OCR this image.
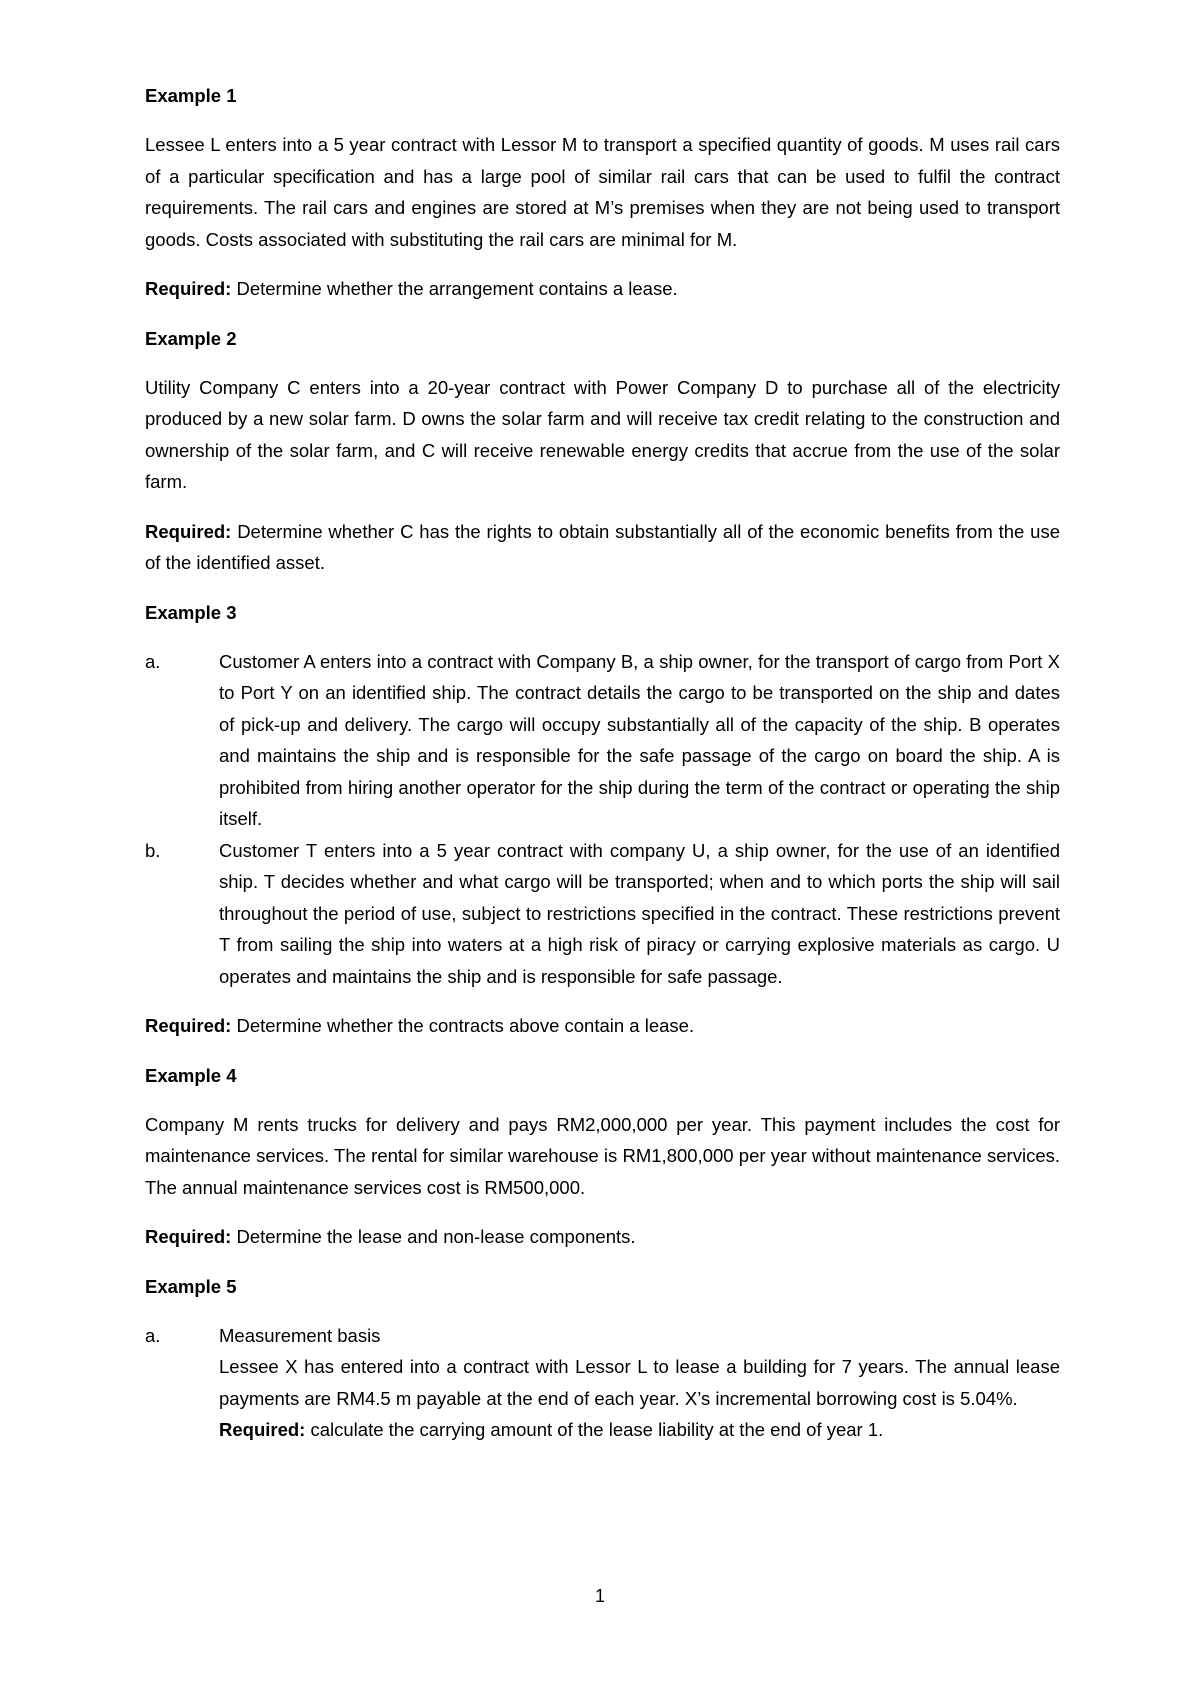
Example 1
Lessee L enters into a 5 year contract with Lessor M to transport a specified quantity of goods. M uses rail cars of a particular specification and has a large pool of similar rail cars that can be used to fulfil the contract requirements. The rail cars and engines are stored at M’s premises when they are not being used to transport goods. Costs associated with substituting the rail cars are minimal for M.
Required: Determine whether the arrangement contains a lease.
Example 2
Utility Company C enters into a 20-year contract with Power Company D to purchase all of the electricity produced by a new solar farm. D owns the solar farm and will receive tax credit relating to the construction and ownership of the solar farm, and C will receive renewable energy credits that accrue from the use of the solar farm.
Required: Determine whether C has the rights to obtain substantially all of the economic benefits from the use of the identified asset.
Example 3
a.	Customer A enters into a contract with Company B, a ship owner, for the transport of cargo from Port X to Port Y on an identified ship. The contract details the cargo to be transported on the ship and dates of pick-up and delivery. The cargo will occupy substantially all of the capacity of the ship. B operates and maintains the ship and is responsible for the safe passage of the cargo on board the ship. A is prohibited from hiring another operator for the ship during the term of the contract or operating the ship itself.
b.	Customer T enters into a 5 year contract with company U, a ship owner, for the use of an identified ship. T decides whether and what cargo will be transported; when and to which ports the ship will sail throughout the period of use, subject to restrictions specified in the contract. These restrictions prevent T from sailing the ship into waters at a high risk of piracy or carrying explosive materials as cargo. U operates and maintains the ship and is responsible for safe passage.
Required: Determine whether the contracts above contain a lease.
Example 4
Company M rents trucks for delivery and pays RM2,000,000 per year. This payment includes the cost for maintenance services. The rental for similar warehouse is RM1,800,000 per year without maintenance services. The annual maintenance services cost is RM500,000.
Required: Determine the lease and non-lease components.
Example 5
a.	Measurement basis
Lessee X has entered into a contract with Lessor L to lease a building for 7 years. The annual lease payments are RM4.5 m payable at the end of each year. X’s incremental borrowing cost is 5.04%.
Required: calculate the carrying amount of the lease liability at the end of year 1.
1
